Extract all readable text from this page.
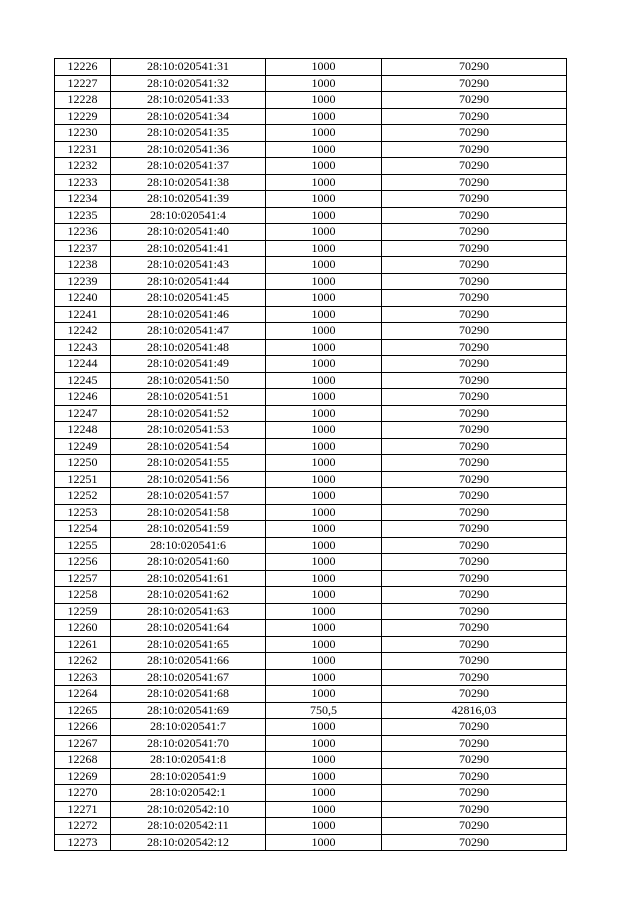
12226	28:10:020541:31	1000	70290
12227	28:10:020541:32	1000	70290
12228	28:10:020541:33	1000	70290
12229	28:10:020541:34	1000	70290
12230	28:10:020541:35	1000	70290
12231	28:10:020541:36	1000	70290
12232	28:10:020541:37	1000	70290
12233	28:10:020541:38	1000	70290
12234	28:10:020541:39	1000	70290
12235	28:10:020541:4	1000	70290
12236	28:10:020541:40	1000	70290
12237	28:10:020541:41	1000	70290
12238	28:10:020541:43	1000	70290
12239	28:10:020541:44	1000	70290
12240	28:10:020541:45	1000	70290
12241	28:10:020541:46	1000	70290
12242	28:10:020541:47	1000	70290
12243	28:10:020541:48	1000	70290
12244	28:10:020541:49	1000	70290
12245	28:10:020541:50	1000	70290
12246	28:10:020541:51	1000	70290
12247	28:10:020541:52	1000	70290
12248	28:10:020541:53	1000	70290
12249	28:10:020541:54	1000	70290
12250	28:10:020541:55	1000	70290
12251	28:10:020541:56	1000	70290
12252	28:10:020541:57	1000	70290
12253	28:10:020541:58	1000	70290
12254	28:10:020541:59	1000	70290
12255	28:10:020541:6	1000	70290
12256	28:10:020541:60	1000	70290
12257	28:10:020541:61	1000	70290
12258	28:10:020541:62	1000	70290
12259	28:10:020541:63	1000	70290
12260	28:10:020541:64	1000	70290
12261	28:10:020541:65	1000	70290
12262	28:10:020541:66	1000	70290
12263	28:10:020541:67	1000	70290
12264	28:10:020541:68	1000	70290
12265	28:10:020541:69	750,5	42816,03
12266	28:10:020541:7	1000	70290
12267	28:10:020541:70	1000	70290
12268	28:10:020541:8	1000	70290
12269	28:10:020541:9	1000	70290
12270	28:10:020542:1	1000	70290
12271	28:10:020542:10	1000	70290
12272	28:10:020542:11	1000	70290
12273	28:10:020542:12	1000	70290
